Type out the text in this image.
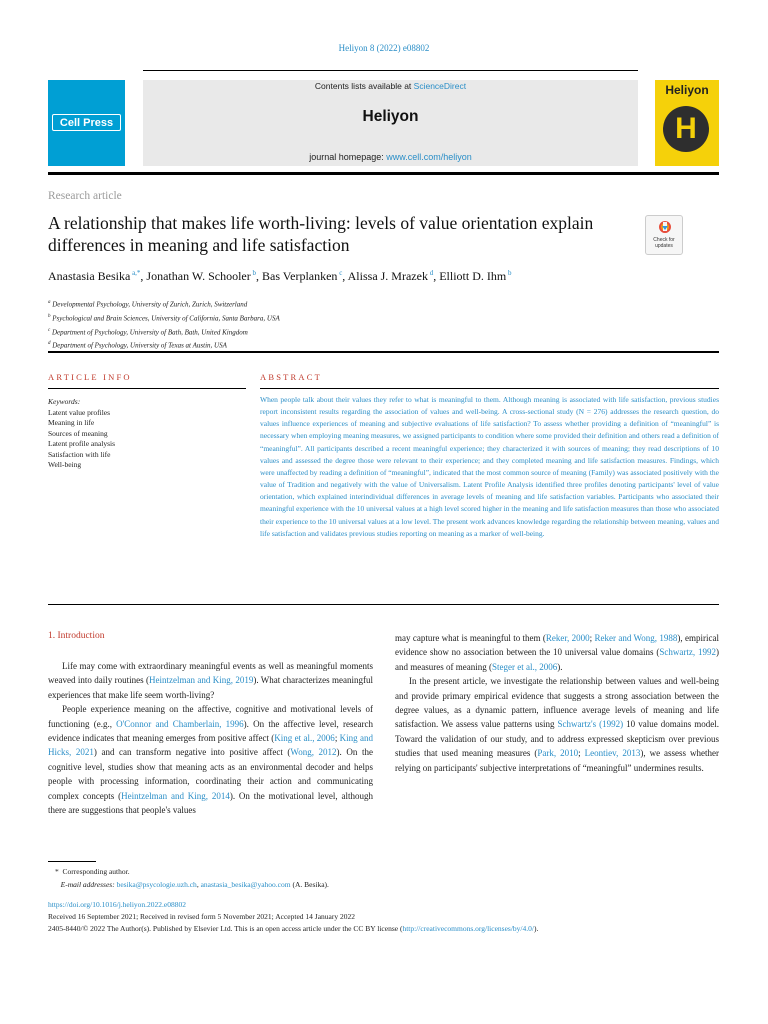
Heliyon 8 (2022) e08802
Cell Press
Contents lists available at ScienceDirect
Heliyon
journal homepage: www.cell.com/heliyon
Heliyon
H
Research article
A relationship that makes life worth-living: levels of value orientation explain differences in meaning and life satisfaction	Check for
updates
Anastasia Besika $^{a,*}$, Jonathan W. Schooler $^b$, Bas Verplanken $^c$, Alissa J. Mrazek $^d$, Elliott D. Ihm $^b$
$^a$ Developmental Psychology, University of Zurich, Zurich, Switzerland
$^b$ Psychological and Brain Sciences, University of California, Santa Barbara, USA
$^c$ Department of Psychology, University of Bath, Bath, United Kingdom
$^d$ Department of Psychology, University of Texas at Austin, USA
ARTICLE INFO	ABSTRACT
Keywords:
Latent value profiles
Meaning in life
Sources of meaning
Latent profile analysis
Satisfaction with life
Well-being
When people talk about their values they refer to what is meaningful to them. Although meaning is associated with life satisfaction, previous studies report inconsistent results regarding the association of values and well-being. A cross-sectional study (N = 276) addresses the research question, do values influence experiences of meaning and subjective evaluations of life satisfaction? To assess whether providing a definition of “meaningful” is necessary when employing meaning measures, we assigned participants to condition where some provided their definition and others read a definition of “meaningful”. All participants described a recent meaningful experience; they characterized it with sources of meaning; they read descriptions of 10 values and assessed the degree those were relevant to their experience; and they completed meaning and life satisfaction measures. Findings, which were unaffected by reading a definition of “meaningful”, indicated that the most common source of meaning (Family) was associated positively with the value of Tradition and negatively with the value of Universalism. Latent Profile Analysis identified three profiles denoting participants' level of value orientation, which explained interindividual differences in average levels of meaning and life satisfaction variables. Participants who associated their meaningful experience with the 10 universal values at a high level scored higher in the meaning and life satisfaction measures than those who associated their experience to the 10 universal values at a low level. The present work advances knowledge regarding the relationship between meaning, values and life satisfaction and validates previous studies reporting on meaning as a marker of well-being.
1. Introduction

Life may come with extraordinary meaningful events as well as meaningful moments weaved into daily routines (Heintzelman and King, 2019). What characterizes meaningful experiences that make life seem worth-living?

People experience meaning on the affective, cognitive and motivational levels of functioning (e.g., O'Connor and Chamberlain, 1996). On the affective level, research evidence indicates that meaning emerges from positive affect (King et al., 2006; King and Hicks, 2021) and can transform negative into positive affect (Wong, 2012). On the cognitive level, studies show that meaning acts as an environmental decoder and helps people with processing information, coordinating their action and communicating complex concepts (Heintzelman and King, 2014). On the motivational level, although there are suggestions that people's values

may capture what is meaningful to them (Reker, 2000; Reker and Wong, 1988), empirical evidence show no association between the 10 universal value domains (Schwartz, 1992) and measures of meaning (Steger et al., 2006).

In the present article, we investigate the relationship between values and well-being and provide primary empirical evidence that suggests a strong association between the degree values, as a dynamic pattern, influence average levels of meaning and life satisfaction. We assess value patterns using Schwartz's (1992) 10 value domains model. Toward the validation of our study, and to address expressed skepticism over previous studies that used meaning measures (Park, 2010; Leontiev, 2013), we assess whether relying on participants' subjective interpretations of “meaningful” undermines results.

* Corresponding author.
E-mail addresses: besika@psycologie.uzh.ch, anastasia_besika@yahoo.com (A. Besika).
https://doi.org/10.1016/j.heliyon.2022.e08802
Received 16 September 2021; Received in revised form 5 November 2021; Accepted 14 January 2022
2405-8440/© 2022 The Author(s). Published by Elsevier Ltd. This is an open access article under the CC BY license (http://creativecommons.org/licenses/by/4.0/).
